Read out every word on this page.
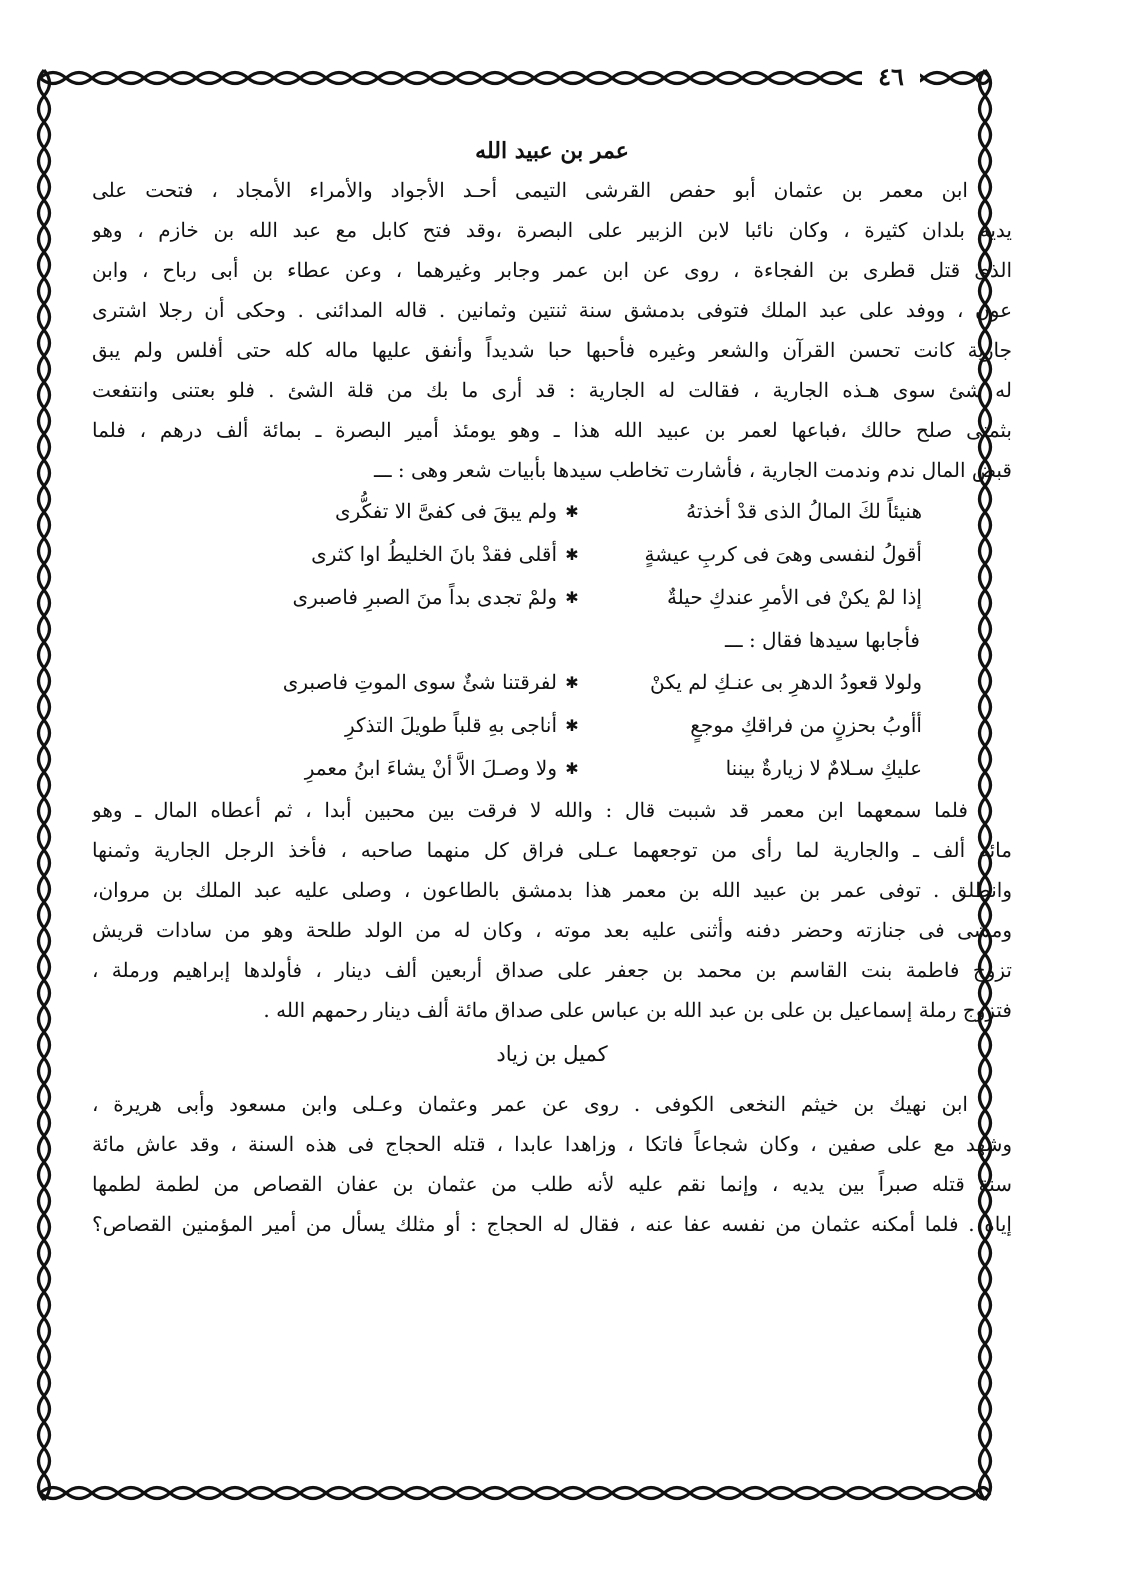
٤٦
عمر بن عبيد الله
ابن معمر بن عثمان أبو حفص القرشى التيمى أحـد الأجواد والأمراء الأمجاد ، فتحت على
يديه بلدان كثيرة ، وكان نائبا لابن الزبير على البصرة ،وقد فتح كابل مع عبد الله بن خازم ، وهو
الذى قتل قطرى بن الفجاءة ، روى عن ابن عمر وجابر وغيرهما ، وعن عطاء بن أبى رباح ، وابن
عون ، ووفد على عبد الملك فتوفى بدمشق سنة ثنتين وثمانين . قاله المدائنى . وحكى أن رجلا اشترى
جارية كانت تحسن القرآن والشعر وغيره فأحبها حبا شديداً وأنفق عليها ماله كله حتى أفلس ولم يبق
له شئ سوى هـذه الجارية ، فقالت له الجارية : قد أرى ما بك من قلة الشئ . فلو بعتنى وانتفعت
بثمنى صلح حالك ،فباعها لعمر بن عبيد الله هذا ـ وهو يومئذ أمير البصرة ـ بمائة ألف درهم ، فلما
قبض المال ندم وندمت الجارية ، فأشارت تخاطب سيدها بأبيات شعر وهى : ـــ
هنيئاً لكَ المالُ الذى قدْ أخذتهُ
✱
ولم يبقَ فى كفىَّ الا تفكُّرى
أقولُ لنفسى وهىَ فى كربِ عيشةٍ
✱
أقلى فقدْ بانَ الخليطُ اوا كثرى
إذا لمْ يكنْ فى الأمرِ عندكِ حيلةٌ
✱
ولمْ تجدى بداً منَ الصبرِ فاصبرى
فأجابها سيدها فقال : ـــ
ولولا قعودُ الدهرِ بى عنـكِ لم يكنْ
✱
لفرقتنا شئٌ سوى الموتِ فاصبرى
أأوبُ بحزنٍ من فراقكِ موجعٍ
✱
أناجى بهِ قلباً طويلَ التذكرِ
عليكِ سـلامٌ لا زيارةٌ بيننا
✱
ولا وصـلَ الاَّ أنْ يشاءَ ابنُ معمرِ
فلما سمعهما ابن معمر قد شببت قال : والله لا فرقت بين محبين أبدا ، ثم أعطاه المال ـ وهو
مائة ألف ـ والجارية لما رأى من توجعهما عـلى فراق كل منهما صاحبه ، فأخذ الرجل الجارية وثمنها
وانطلق . توفى عمر بن عبيد الله بن معمر هذا بدمشق بالطاعون ، وصلى عليه عبد الملك بن مروان،
ومشى فى جنازته وحضر دفنه وأثنى عليه بعد موته ، وكان له من الولد طلحة وهو من سادات قريش
تزوج فاطمة بنت القاسم بن محمد بن جعفر على صداق أربعين ألف دينار ، فأولدها إبراهيم ورملة ،
فتزوج رملة إسماعيل بن على بن عبد الله بن عباس على صداق مائة ألف دينار رحمهم الله .
كميل بن زياد
ابن نهيك بن خيثم النخعى الكوفى . روى عن عمر وعثمان وعـلى وابن مسعود وأبى هريرة ،
وشهد مع على صفين ، وكان شجاعاً فاتكا ، وزاهدا عابدا ، قتله الحجاج فى هذه السنة ، وقد عاش مائة
سنة قتله صبراً بين يديه ، وإنما نقم عليه لأنه طلب من عثمان بن عفان القصاص من لطمة لطمها
إياه . فلما أمكنه عثمان من نفسه عفا عنه ، فقال له الحجاج : أو مثلك يسأل من أمير المؤمنين القصاص؟
